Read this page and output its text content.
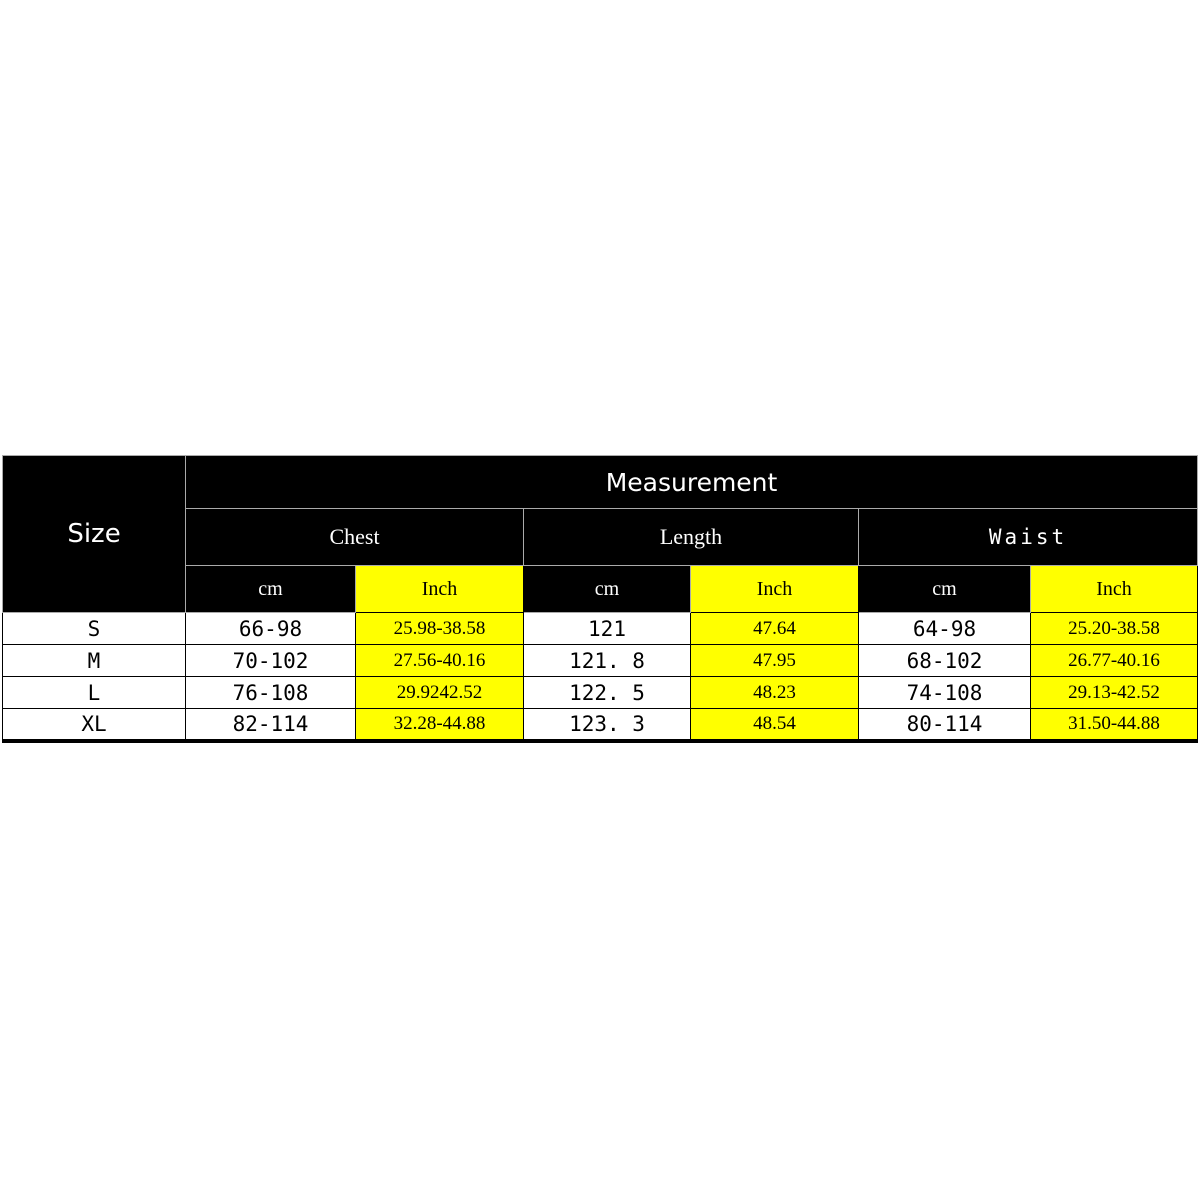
Size	Measurement					
	Chest		Length		Waist	
	cm	Inch	cm	Inch	cm	Inch
S	66-98	25.98-38.58	121	47.64	64-98	25.20-38.58
M	70-102	27.56-40.16	121. 8	47.95	68-102	26.77-40.16
L	76-108	29.9242.52	122. 5	48.23	74-108	29.13-42.52
XL	82-114	32.28-44.88	123. 3	48.54	80-114	31.50-44.88
